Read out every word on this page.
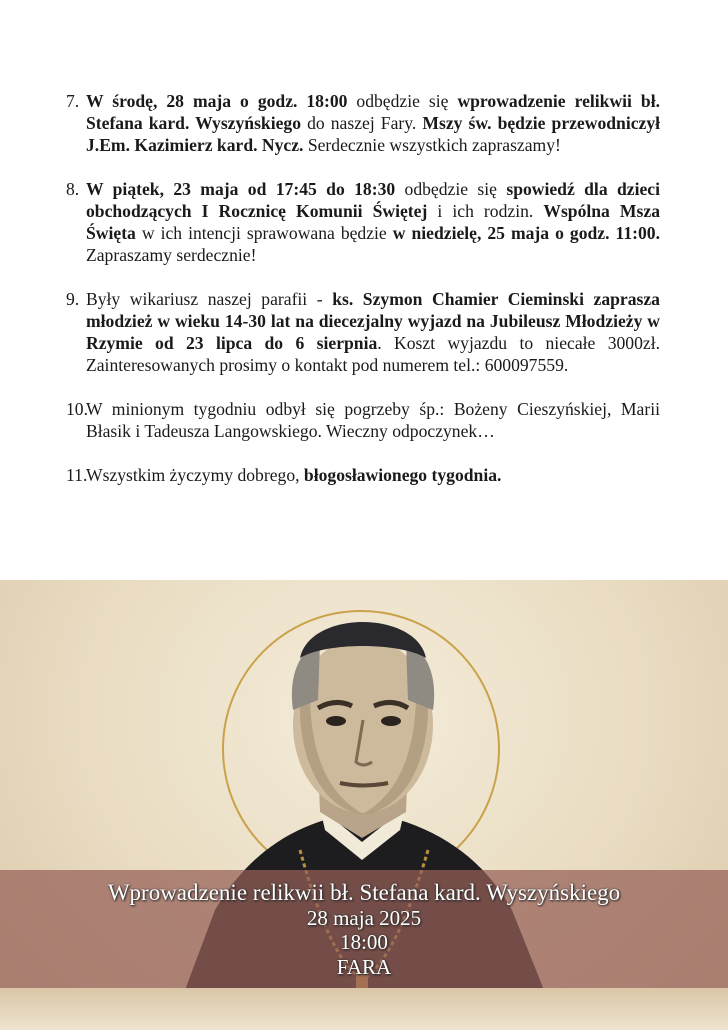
7. W środę, 28 maja o godz. 18:00 odbędzie się wprowadzenie relikwii bł. Stefana kard. Wyszyńskiego do naszej Fary. Mszy św. będzie przewodniczył J.Em. Kazimierz kard. Nycz. Serdecznie wszystkich zapraszamy!
8. W piątek, 23 maja od 17:45 do 18:30 odbędzie się spowiedź dla dzieci obchodzących I Rocznicę Komunii Świętej i ich rodzin. Wspólna Msza Święta w ich intencji sprawowana będzie w niedzielę, 25 maja o godz. 11:00. Zapraszamy serdecznie!
9. Były wikariusz naszej parafii - ks. Szymon Chamier Cieminski zaprasza młodzież w wieku 14-30 lat na diecezjalny wyjazd na Jubileusz Młodzieży w Rzymie od 23 lipca do 6 sierpnia. Koszt wyjazdu to niecałe 3000zł. Zainteresowanych prosimy o kontakt pod numerem tel.: 600097559.
10.
W minionym tygodniu odbył się pogrzeby śp.: Bożeny Cieszyńskiej, Marii Błasik i Tadeusza Langowskiego. Wieczny odpoczynek…
11.
Wszystkim życzymy dobrego, błogosławionego tygodnia.
Wprowadzenie relikwii bł. Stefana kard. Wyszyńskiego
28 maja 2025
18:00
FARA
